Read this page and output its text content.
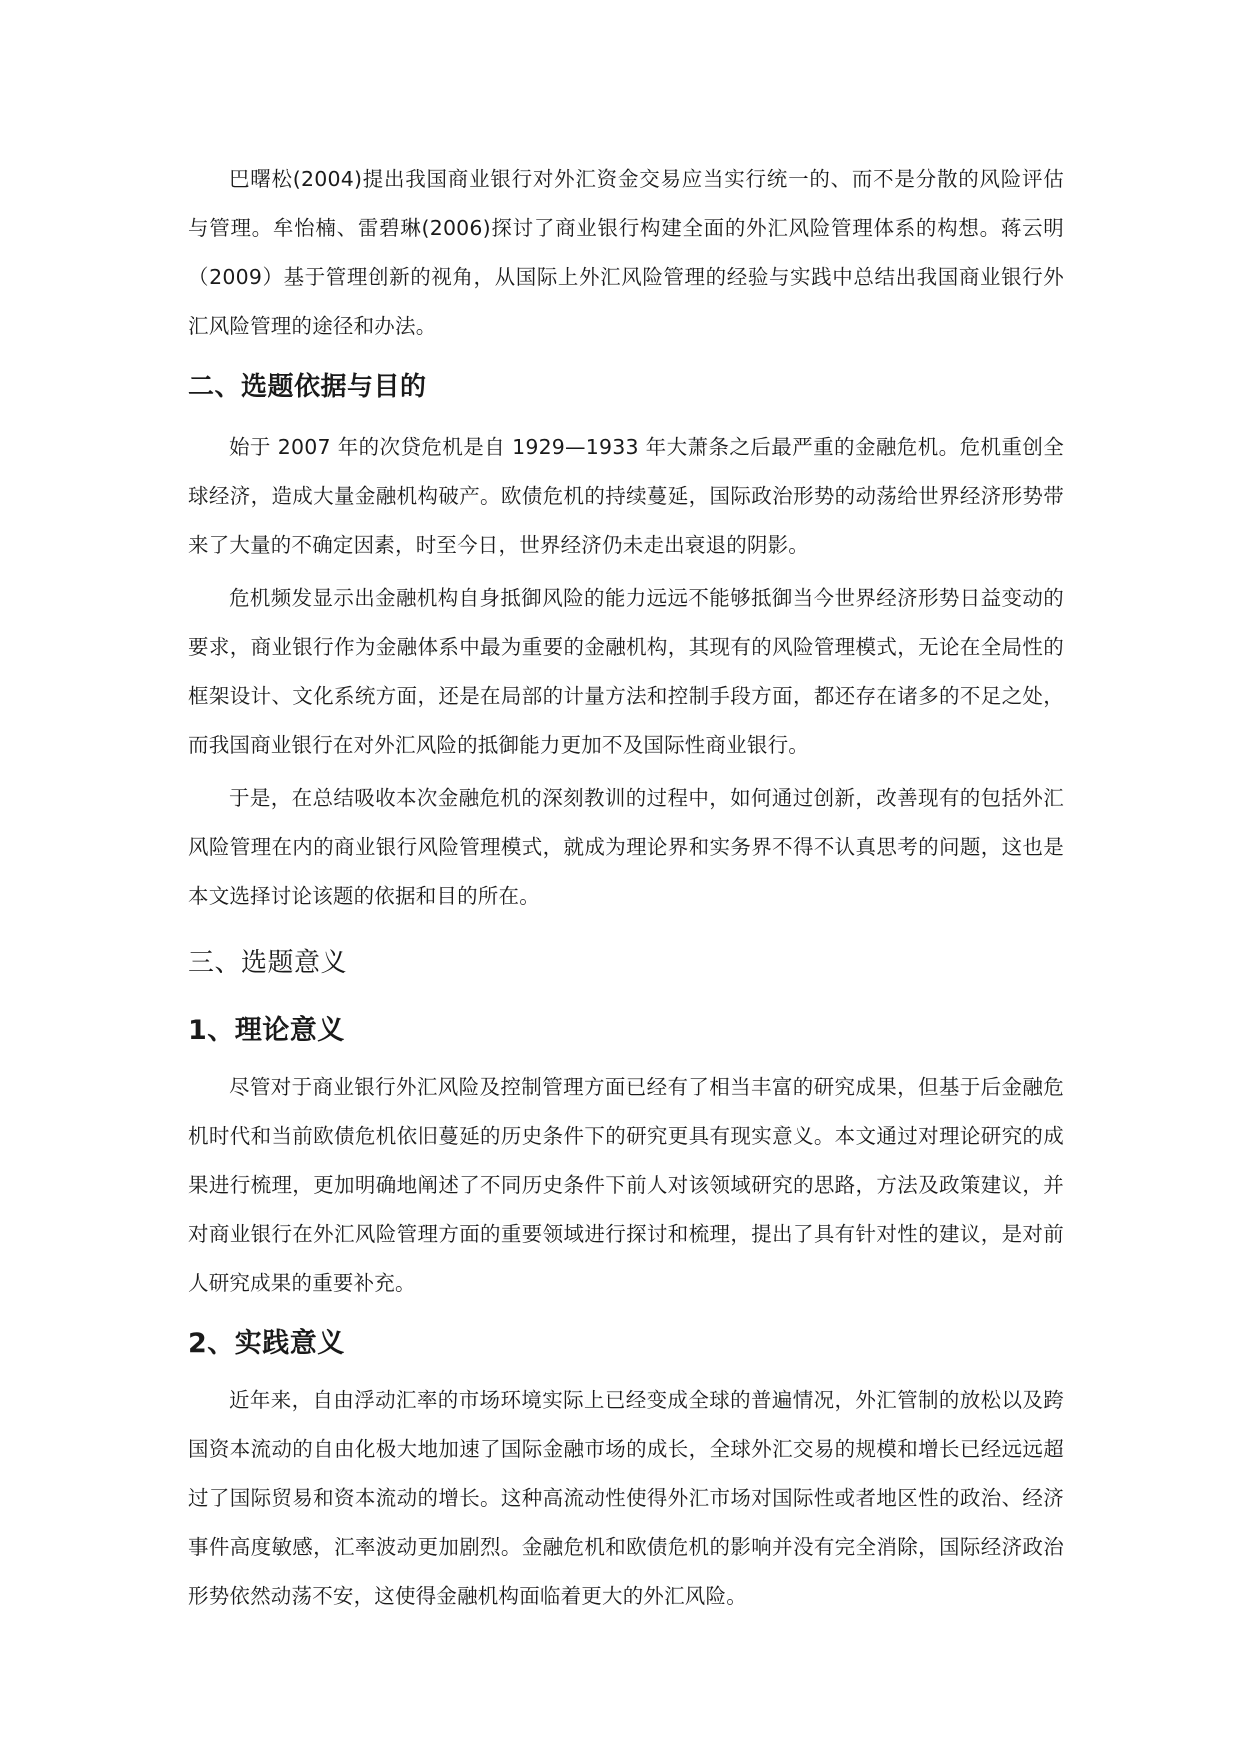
巴曙松(2004)提出我国商业银行对外汇资金交易应当实行统一的、而不是分散的风险评估与管理。牟怡楠、雷碧琳(2006)探讨了商业银行构建全面的外汇风险管理体系的构想。蒋云明（2009）基于管理创新的视角，从国际上外汇风险管理的经验与实践中总结出我国商业银行外汇风险管理的途径和办法。

二、选题依据与目的

始于 2007 年的次贷危机是自 1929—1933 年大萧条之后最严重的金融危机。危机重创全球经济，造成大量金融机构破产。欧债危机的持续蔓延，国际政治形势的动荡给世界经济形势带来了大量的不确定因素，时至今日，世界经济仍未走出衰退的阴影。

危机频发显示出金融机构自身抵御风险的能力远远不能够抵御当今世界经济形势日益变动的要求，商业银行作为金融体系中最为重要的金融机构，其现有的风险管理模式，无论在全局性的框架设计、文化系统方面，还是在局部的计量方法和控制手段方面，都还存在诸多的不足之处，而我国商业银行在对外汇风险的抵御能力更加不及国际性商业银行。

于是，在总结吸收本次金融危机的深刻教训的过程中，如何通过创新，改善现有的包括外汇风险管理在内的商业银行风险管理模式，就成为理论界和实务界不得不认真思考的问题，这也是本文选择讨论该题的依据和目的所在。

三、选题意义
1、理论意义

尽管对于商业银行外汇风险及控制管理方面已经有了相当丰富的研究成果，但基于后金融危机时代和当前欧债危机依旧蔓延的历史条件下的研究更具有现实意义。本文通过对理论研究的成果进行梳理，更加明确地阐述了不同历史条件下前人对该领域研究的思路，方法及政策建议，并对商业银行在外汇风险管理方面的重要领域进行探讨和梳理，提出了具有针对性的建议，是对前人研究成果的重要补充。

2、实践意义

近年来，自由浮动汇率的市场环境实际上已经变成全球的普遍情况，外汇管制的放松以及跨国资本流动的自由化极大地加速了国际金融市场的成长，全球外汇交易的规模和增长已经远远超过了国际贸易和资本流动的增长。这种高流动性使得外汇市场对国际性或者地区性的政治、经济事件高度敏感，汇率波动更加剧烈。金融危机和欧债危机的影响并没有完全消除，国际经济政治形势依然动荡不安，这使得金融机构面临着更大的外汇风险。
